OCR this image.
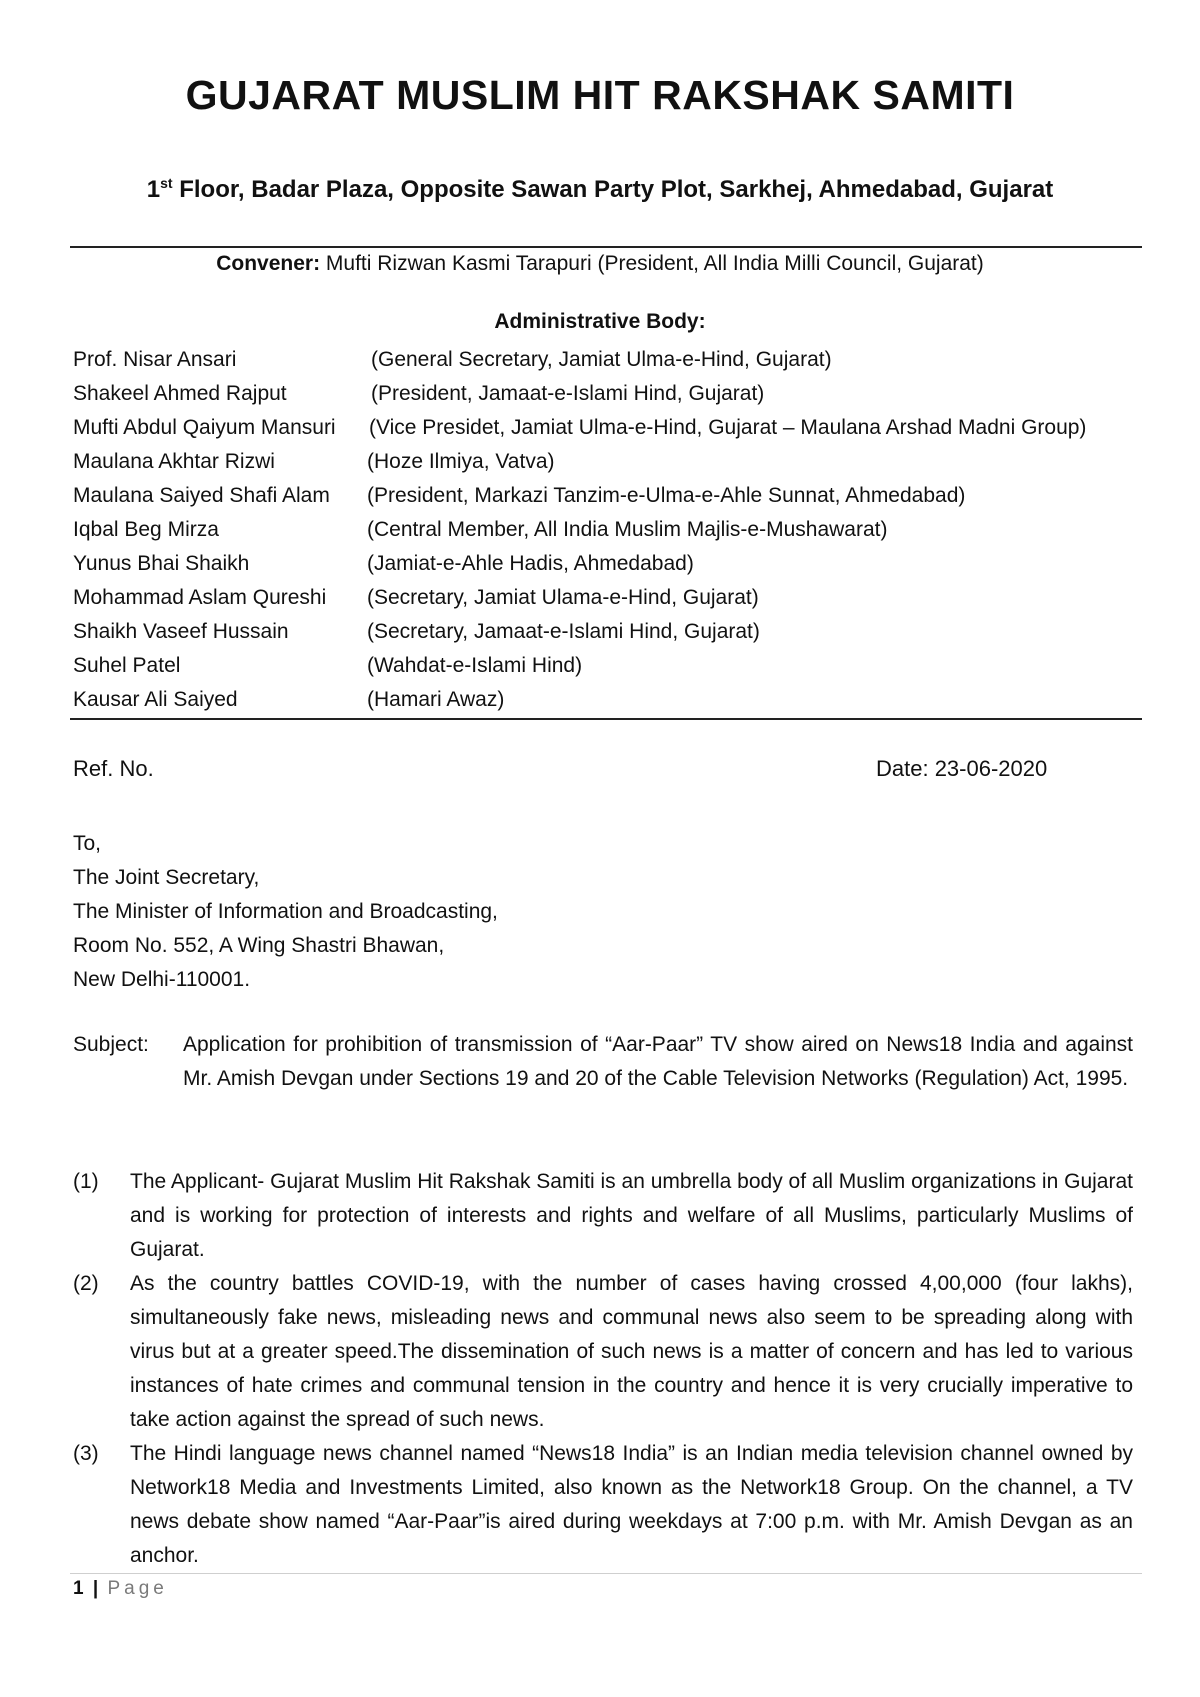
GUJARAT MUSLIM HIT RAKSHAK SAMITI
1st Floor, Badar Plaza, Opposite Sawan Party Plot, Sarkhej, Ahmedabad, Gujarat
Convener: Mufti Rizwan Kasmi Tarapuri (President, All India Milli Council, Gujarat)
Administrative Body:
Prof. Nisar Ansari	(General Secretary, Jamiat Ulma-e-Hind, Gujarat)
Shakeel Ahmed Rajput	(President, Jamaat-e-Islami Hind, Gujarat)
Mufti Abdul Qaiyum Mansuri (Vice Presidet, Jamiat Ulma-e-Hind, Gujarat – Maulana Arshad Madni Group)
Maulana Akhtar Rizwi	(Hoze Ilmiya, Vatva)
Maulana Saiyed Shafi Alam (President, Markazi Tanzim-e-Ulma-e-Ahle Sunnat, Ahmedabad)
Iqbal Beg Mirza	(Central Member, All India Muslim Majlis-e-Mushawarat)
Yunus Bhai Shaikh	(Jamiat-e-Ahle Hadis, Ahmedabad)
Mohammad Aslam Qureshi (Secretary, Jamiat Ulama-e-Hind, Gujarat)
Shaikh Vaseef Hussain	(Secretary, Jamaat-e-Islami Hind, Gujarat)
Suhel Patel	(Wahdat-e-Islami Hind)
Kausar Ali Saiyed	(Hamari Awaz)
Ref. No.	Date: 23-06-2020
To,
The Joint Secretary,
The Minister of Information and Broadcasting,
Room No. 552, A Wing Shastri Bhawan,
New Delhi-110001.
Subject: Application for prohibition of transmission of “Aar-Paar” TV show aired on News18 India and against Mr. Amish Devgan under Sections 19 and 20 of the Cable Television Networks (Regulation) Act, 1995.
(1) The Applicant- Gujarat Muslim Hit Rakshak Samiti is an umbrella body of all Muslim organizations in Gujarat and is working for protection of interests and rights and welfare of all Muslims, particularly Muslims of Gujarat.
(2) As the country battles COVID-19, with the number of cases having crossed 4,00,000 (four lakhs), simultaneously fake news, misleading news and communal news also seem to be spreading along with virus but at a greater speed.The dissemination of such news is a matter of concern and has led to various instances of hate crimes and communal tension in the country and hence it is very crucially imperative to take action against the spread of such news.
(3) The Hindi language news channel named “News18 India” is an Indian media television channel owned by Network18 Media and Investments Limited, also known as the Network18 Group. On the channel, a TV news debate show named “Aar-Paar”is aired during weekdays at 7:00 p.m. with Mr. Amish Devgan as an anchor.
1 | Page
